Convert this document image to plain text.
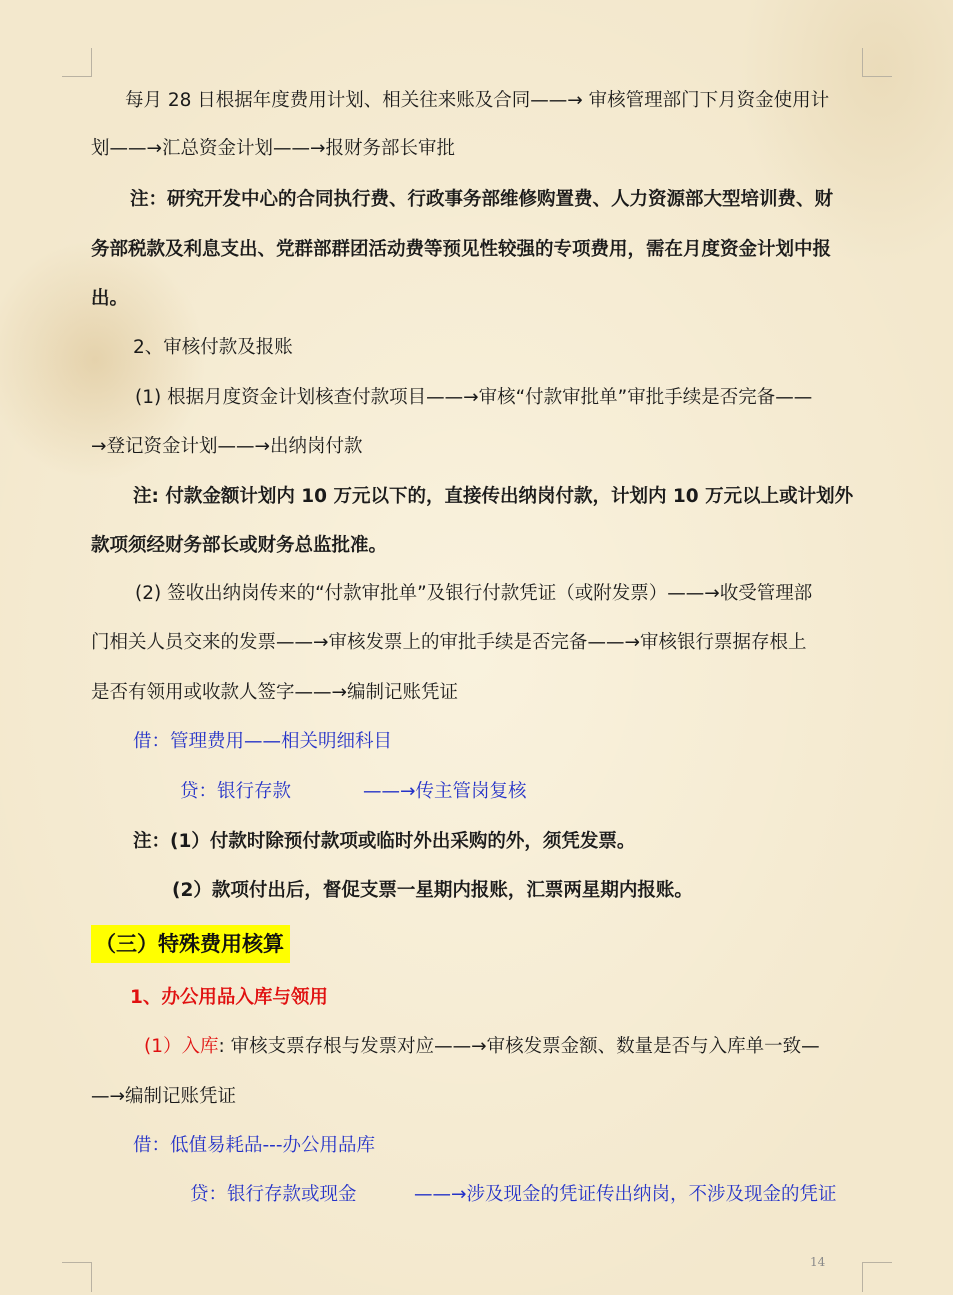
每月 28 日根据年度费用计划、相关往来账及合同——→ 审核管理部门下月资金使用计
划——→汇总资金计划——→报财务部长审批
注：研究开发中心的合同执行费、行政事务部维修购置费、人力资源部大型培训费、财
务部税款及利息支出、党群部群团活动费等预见性较强的专项费用，需在月度资金计划中报
出。
2、审核付款及报账
(1) 根据月度资金计划核查付款项目——→审核“付款审批单”审批手续是否完备——
→登记资金计划——→出纳岗付款
注: 付款金额计划内 10 万元以下的，直接传出纳岗付款，计划内 10 万元以上或计划外
款项须经财务部长或财务总监批准。
(2) 签收出纳岗传来的“付款审批单”及银行付款凭证（或附发票）——→收受管理部
门相关人员交来的发票——→审核发票上的审批手续是否完备——→审核银行票据存根上
是否有领用或收款人签字——→编制记账凭证
借：管理费用——相关明细科目
贷：银行存款	——→传主管岗复核
注：(1）付款时除预付款项或临时外出采购的外，须凭发票。
(2）款项付出后，督促支票一星期内报账，汇票两星期内报账。
（三）特殊费用核算
1、办公用品入库与领用
(1）入库: 审核支票存根与发票对应——→审核发票金额、数量是否与入库单一致—
—→编制记账凭证
借：低值易耗品---办公用品库
贷：银行存款或现金	——→涉及现金的凭证传出纳岗，不涉及现金的凭证
14
